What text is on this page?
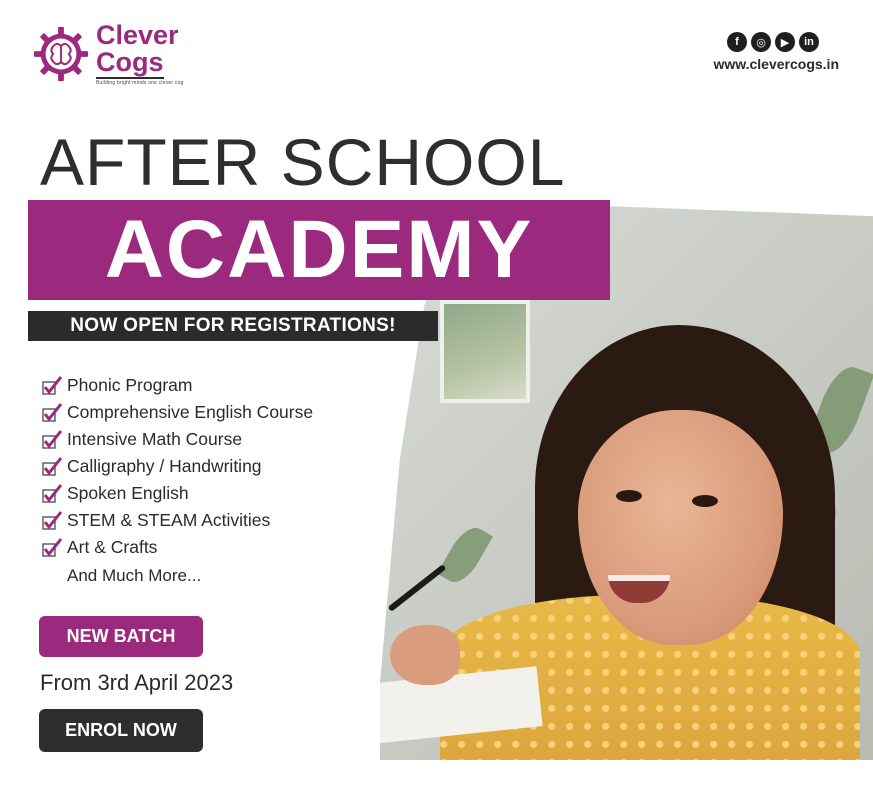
Clever
Cogs
Building bright minds one clever cog
f	◎	▶	in
www.clevercogs.in
AFTER SCHOOL
ACADEMY
NOW OPEN FOR REGISTRATIONS!
Phonic Program
Comprehensive English Course
Intensive Math Course
Calligraphy / Handwriting
Spoken English
STEM & STEAM Activities
Art & Crafts
And Much More...
NEW BATCH
From 3rd April 2023
ENROL NOW
